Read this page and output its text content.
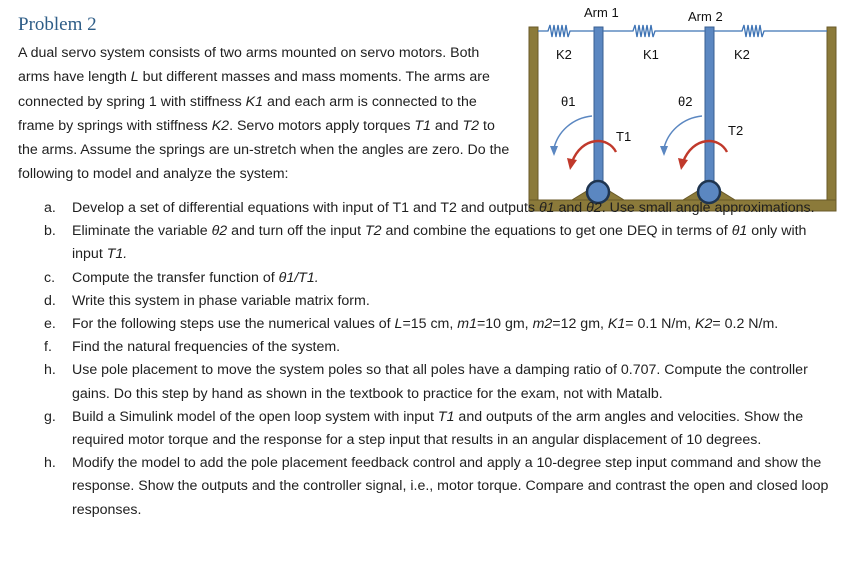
Problem 2

A dual servo system consists of two arms mounted on servo motors. Both arms have length L but different masses and mass moments. The arms are connected by spring 1 with stiffness K1 and each arm is connected to the frame by springs with stiffness K2. Servo motors apply torques T1 and T2 to the arms. Assume the springs are un-stretch when the angles are zero. Do the following to model and analyze the system:

Arm 1	Arm 2
K2	K1	K2
θ1	θ2
T1	T2
a. Develop a set of differential equations with input of T1 and T2 and outputs θ1 and θ2. Use small angle approximations.
b. Eliminate the variable θ2 and turn off the input T2 and combine the equations to get one DEQ in terms of θ1 only with input T1.
c. Compute the transfer function of θ1/T1.
d. Write this system in phase variable matrix form.
e. For the following steps use the numerical values of L=15 cm, m1=10 gm, m2=12 gm, K1= 0.1 N/m, K2= 0.2 N/m.
f. Find the natural frequencies of the system.
h. Use pole placement to move the system poles so that all poles have a damping ratio of 0.707. Compute the controller gains. Do this step by hand as shown in the textbook to practice for the exam, not with Matalb.
g. Build a Simulink model of the open loop system with input T1 and outputs of the arm angles and velocities. Show the required motor torque and the response for a step input that results in an angular displacement of 10 degrees.
h. Modify the model to add the pole placement feedback control and apply a 10-degree step input command and show the response. Show the outputs and the controller signal, i.e., motor torque. Compare and contrast the open and closed loop responses.
